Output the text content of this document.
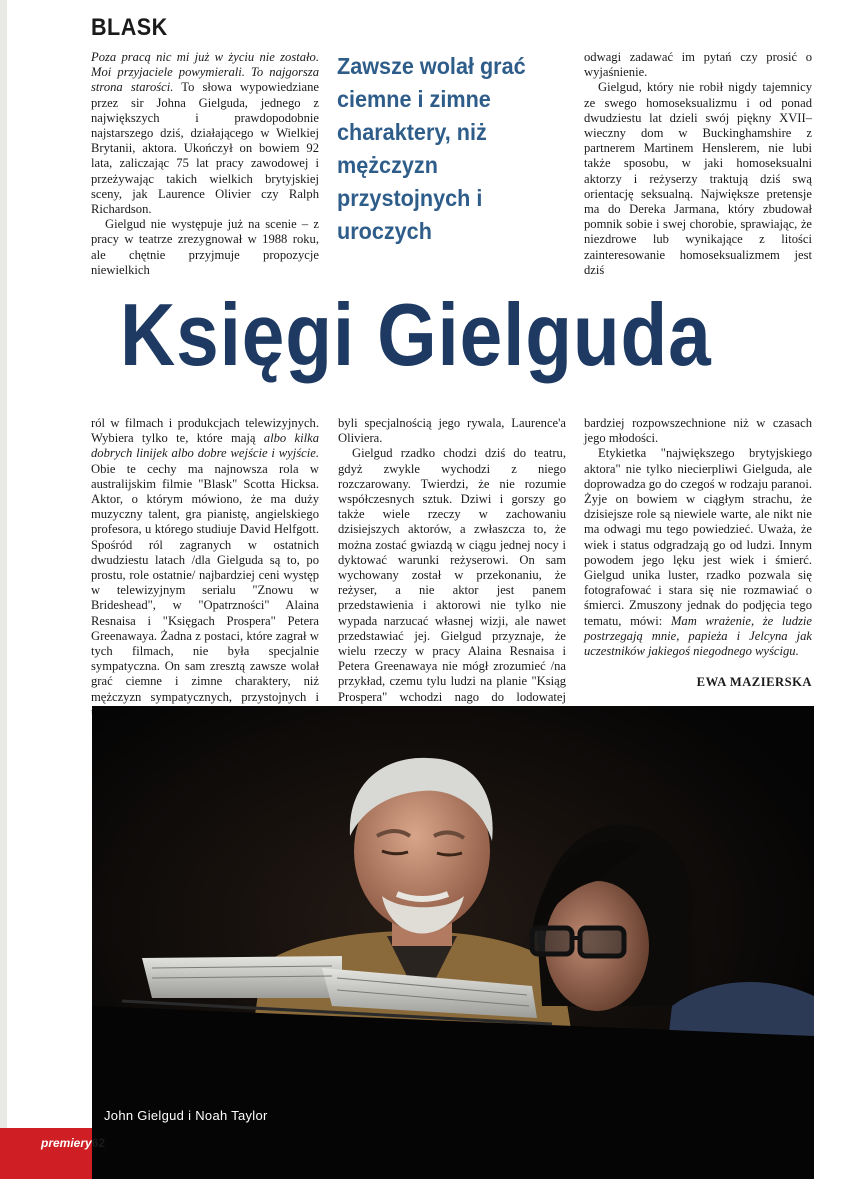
BLASK

Poza pracą nic mi już w życiu nie zostało. Moi przyjaciele powymierali. To najgorsza strona starości. To słowa wypowiedziane przez sir Johna Gielguda, jednego z największych i prawdopodobnie najstarszego dziś, działającego w Wielkiej Brytanii, aktora. Ukończył on bowiem 92 lata, zaliczając 75 lat pracy zawodowej i przeżywając takich wielkich brytyjskiej sceny, jak Laurence Olivier czy Ralph Richardson.

Gielgud nie występuje już na scenie – z pracy w teatrze zrezygnował w 1988 roku, ale chętnie przyjmuje propozycje niewielkich

Zawsze wolał grać ciemne i zimne charaktery, niż mężczyzn przystojnych i uroczych

odwagi zadawać im pytań czy prosić o wyjaśnienie.

Gielgud, który nie robił nigdy tajemnicy ze swego homoseksualizmu i od ponad dwudziestu lat dzieli swój piękny XVII–wieczny dom w Buckinghamshire z partnerem Martinem Henslerem, nie lubi także sposobu, w jaki homoseksualni aktorzy i reżyserzy traktują dziś swą orientację seksualną. Największe pretensje ma do Dereka Jarmana, który zbudował pomnik sobie i swej chorobie, sprawiając, że niezdrowe lub wynikające z litości zainteresowanie homoseksualizmem jest dziś

Księgi Gielguda

ról w filmach i produkcjach telewizyjnych. Wybiera tylko te, które mają albo kilka dobrych linijek albo dobre wejście i wyjście. Obie te cechy ma najnowsza rola w australijskim filmie "Blask" Scotta Hicksa. Aktor, o którym mówiono, że ma duży muzyczny talent, gra pianistę, angielskiego profesora, u którego studiuje David Helfgott. Spośród ról zagranych w ostatnich dwudziestu latach /dla Gielguda są to, po prostu, role ostatnie/ najbardziej ceni występ w telewizyjnym serialu "Znowu w Brideshead", w "Opatrzności" Alaina Resnaisa i "Księgach Prospera" Petera Greenawaya. Żadna z postaci, które zagrał w tych filmach, nie była specjalnie sympatyczna. On sam zresztą zawsze wolał grać ciemne i zimne charaktery, niż mężczyzn sympatycznych, przystojnych i

byli specjalnością jego rywala, Laurence'a Oliviera.

Gielgud rzadko chodzi dziś do teatru, gdyż zwykle wychodzi z niego rozczarowany. Twierdzi, że nie rozumie współczesnych sztuk. Dziwi i gorszy go także wiele rzeczy w zachowaniu dzisiejszych aktorów, a zwłaszcza to, że można zostać gwiazdą w ciągu jednej nocy i dyktować warunki reżyserowi. On sam wychowany został w przekonaniu, że reżyser, a nie aktor jest panem przedstawienia i aktorowi nie tylko nie wypada narzucać własnej wizji, ale nawet przedstawiać jej. Gielgud przyznaje, że wielu rzeczy w pracy Alaina Resnaisa i Petera Greenawaya nie mógł zrozumieć /na przykład, czemu tylu ludzi na planie "Ksiąg Prospera" wchodzi nago do lodowatej

bardziej rozpowszechnione niż w czasach jego młodości.

Etykietka "największego brytyjskiego aktora" nie tylko niecierpliwi Gielguda, ale doprowadza go do czegoś w rodzaju paranoi. Żyje on bowiem w ciągłym strachu, że dzisiejsze role są niewiele warte, ale nikt nie ma odwagi mu tego powiedzieć. Uważa, że wiek i status odgradzają go od ludzi. Innym powodem jego lęku jest wiek i śmierć. Gielgud unika luster, rzadko pozwala się fotografować i stara się nie rozmawiać o śmierci. Zmuszony jednak do podjęcia tego tematu, mówi: Mam wrażenie, że ludzie postrzegają mnie, papieża i Jelcyna jak uczestników jakiegoś niegodnego wyścigu.

EWA MAZIERSKA
John Gielgud i Noah Taylor
premiery62
